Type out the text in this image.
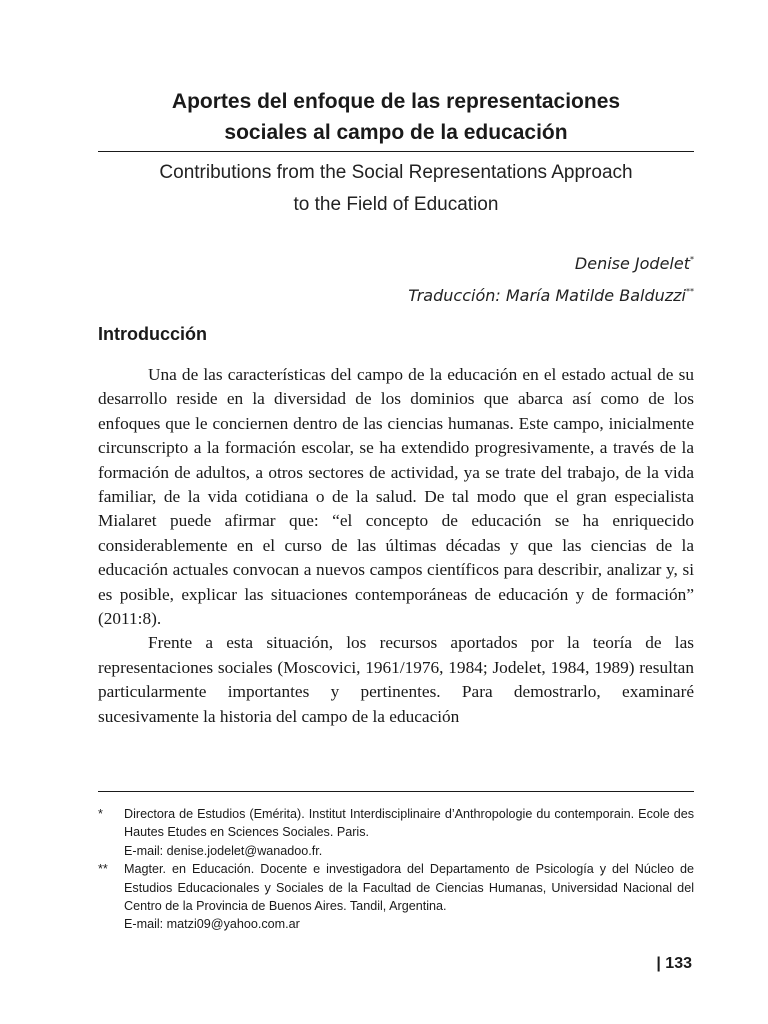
Aportes del enfoque de las representaciones
sociales al campo de la educación
Contributions from the Social Representations Approach
to the Field of Education
Denise Jodelet*
Traducción: María Matilde Balduzzi**
Introducción

Una de las características del campo de la educación en el estado actual de su desarrollo reside en la diversidad de los dominios que abarca así como de los enfoques que le conciernen dentro de las ciencias humanas. Este campo, inicialmente circunscripto a la formación escolar, se ha extendido progresivamente, a través de la formación de adultos, a otros sectores de actividad, ya se trate del trabajo, de la vida familiar, de la vida cotidiana o de la salud. De tal modo que el gran especialista Mialaret puede afirmar que: “el concepto de educación se ha enriquecido considerablemente en el curso de las últimas décadas y que las ciencias de la educación actuales convocan a nuevos campos científicos para describir, analizar y, si es posible, explicar las situaciones contemporáneas de educación y de formación” (2011:8).

Frente a esta situación, los recursos aportados por la teoría de las representaciones sociales (Moscovici, 1961/1976, 1984; Jodelet, 1984, 1989) resultan particularmente importantes y pertinentes. Para demostrarlo, examinaré sucesivamente la historia del campo de la educación

*	Directora de Estudios (Emérita). Institut Interdisciplinaire d’Anthropologie du contemporain. Ecole des Hautes Etudes en Sciences Sociales. Paris.
E-mail: denise.jodelet@wanadoo.fr.
**	Magter. en Educación. Docente e investigadora del Departamento de Psicología y del Núcleo de Estudios Educacionales y Sociales de la Facultad de Ciencias Humanas, Universidad Nacional del Centro de la Provincia de Buenos Aires. Tandil, Argentina.
E-mail: matzi09@yahoo.com.ar
| 133
